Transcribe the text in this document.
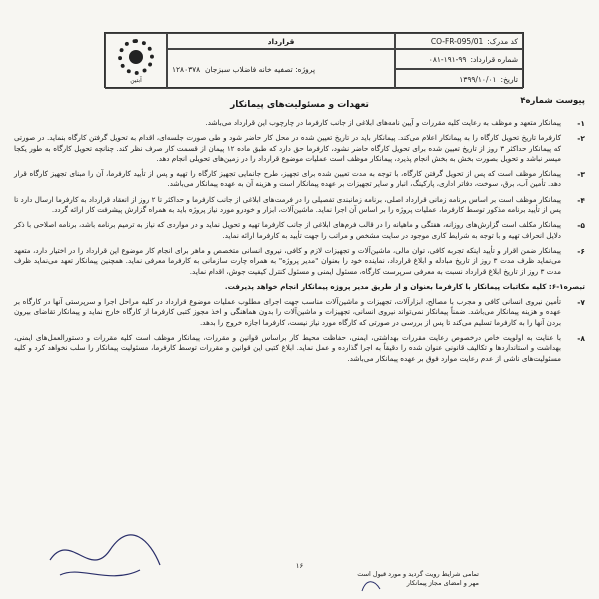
آبتین
قرارداد
پروژه: تصفیه خانه فاضلاب سبزجان

۱۲۸۰۳۷۸
کد مدرک:
CO-FR-095/01
شماره قرارداد:
۰۸۱-۱۹۱-۹۹
تاریخ:
۱۳۹۹/۱۰/۰۱
پیوست شماره۴
تعهدات و مسئولیت‌های پیمانکار
۱-
پیمانکار متعهد و موظف به رعایت کلیه مقررات و آیین نامه‌های ابلاغی از جانب کارفرما در چارچوب این قرارداد می‌باشد.
۲-
کارفرما تاریخ تحویل کارگاه را به پیمانکار اعلام می‌کند. پیمانکار باید در تاریخ تعیین شده در محل کار حاضر شود و طی صورت جلسه‌ای، اقدام به تحویل گرفتن کارگاه بنماید. در صورتی که پیمانکار حداکثر ۳ روز از تاریخ تعیین شده برای تحویل کارگاه حاضر نشود، کارفرما حق دارد که طبق ماده ۱۲ پیمان از قسمت کار صرف نظر کند. چنانچه تحویل کارگاه به طور یکجا میسر نباشد و تحویل بصورت بخش به بخش انجام پذیرد، پیمانکار موظف است عملیات موضوع قرارداد را در زمین‌های تحویلی انجام دهد.
۳-
پیمانکار موظف است که پس از تحویل گرفتن کارگاه، با توجه به مدت تعیین شده برای تجهیز، طرح جانمایی تجهیز کارگاه را تهیه و پس از تأیید کارفرما، آن را مبنای تجهیز کارگاه قرار دهد. تأمین آب، برق، سوخت، دفاتر اداری، پارکینگ، انبار و سایر تجهیزات بر عهده پیمانکار است و هزینه آن به عهده پیمانکار می‌باشد.
۴-
پیمانکار موظف است بر اساس برنامه زمانی قرارداد اصلی، برنامه زمانبندی تفصیلی را در فرمت‌های ابلاغی از جانب کارفرما و حداکثر تا ۲ روز از انعقاد قرارداد به کارفرما ارسال دارد تا پس از تأیید برنامه مذکور توسط کارفرما، عملیات پروژه را بر اساس آن اجرا نماید. ماشین‌آلات، ابزار و خودرو مورد نیاز پروژه باید به همراه گزارش پیشرفت کار ارائه گردد.
۵-
پیمانکار مکلف است گزارش‌های روزانه، هفتگی و ماهیانه را در قالب فرم‌های ابلاغی از جانب کارفرما تهیه و تحویل نماید و در مواردی که نیاز به ترمیم برنامه باشد، برنامه اصلاحی با ذکر دلایل انحراف تهیه و با توجه به شرایط کاری موجود در سایت مشخص و مراتب را جهت تأیید به کارفرما ارائه نماید.
۶-
پیمانکار ضمن اقرار و تأیید اینکه تجربه کافی، توان مالی، ماشین‌آلات و تجهیزات لازم و کافی، نیروی انسانی متخصص و ماهر برای انجام کار موضوع این قرارداد را در اختیار دارد، متعهد می‌نماید ظرف مدت ۳ روز از تاریخ مبادله و ابلاغ قرارداد، نماینده خود را بعنوان "مدیر پروژه" به همراه چارت سازمانی به کارفرما معرفی نماید. همچنین پیمانکار تعهد می‌نماید ظرف مدت ۳ روز از تاریخ ابلاغ قرارداد نسبت به معرفی سرپرست کارگاه، مسئول ایمنی و مسئول کنترل کیفیت جوش، اقدام نماید.
تبصره۱-۶: کلیه مکاتبات پیمانکار با کارفرما بعنوان و از طریق مدیر پروژه پیمانکار انجام خواهد پذیرفت.
۷-
تأمین نیروی انسانی کافی و مجرب با مصالح، ابزارآلات، تجهیزات و ماشین‌آلات مناسب جهت اجرای مطلوب عملیات موضوع قرارداد در کلیه مراحل اجرا و سرپرستی آنها در کارگاه بر عهده و هزینه پیمانکار می‌باشد. ضمناً پیمانکار نمی‌تواند نیروی انسانی، تجهیزات و ماشین‌آلات را بدون هماهنگی و اخذ مجوز کتبی کارفرما از کارگاه خارج نماید و پیمانکار تقاضای بیرون بردن آنها را به کارفرما تسلیم می‌کند تا پس از بررسی در صورتی که کارگاه مورد نیاز نیست، کارفرما اجازه خروج را بدهد.
۸-
با عنایت به اولویت خاص درخصوص رعایت مقررات بهداشتی، ایمنی، حفاظت محیط کار براساس قوانین و مقررات، پیمانکار موظف است کلیه مقررات و دستورالعمل‌های ایمنی، بهداشت و استانداردها و تکالیف قانونی عنوان شده را دقیقاً به اجرا گذارده و عمل نماید. ابلاغ کتبی این قوانین و مقررات توسط کارفرما، مسئولیت پیمانکار را سلب نخواهد کرد و کلیه مسئولیت‌های ناشی از عدم رعایت موارد فوق بر عهده پیمانکار می‌باشد.
۱۶
تمامی شرایط رویت گردید و مورد قبول است
مهر و امضای مجاز پیمانکار
